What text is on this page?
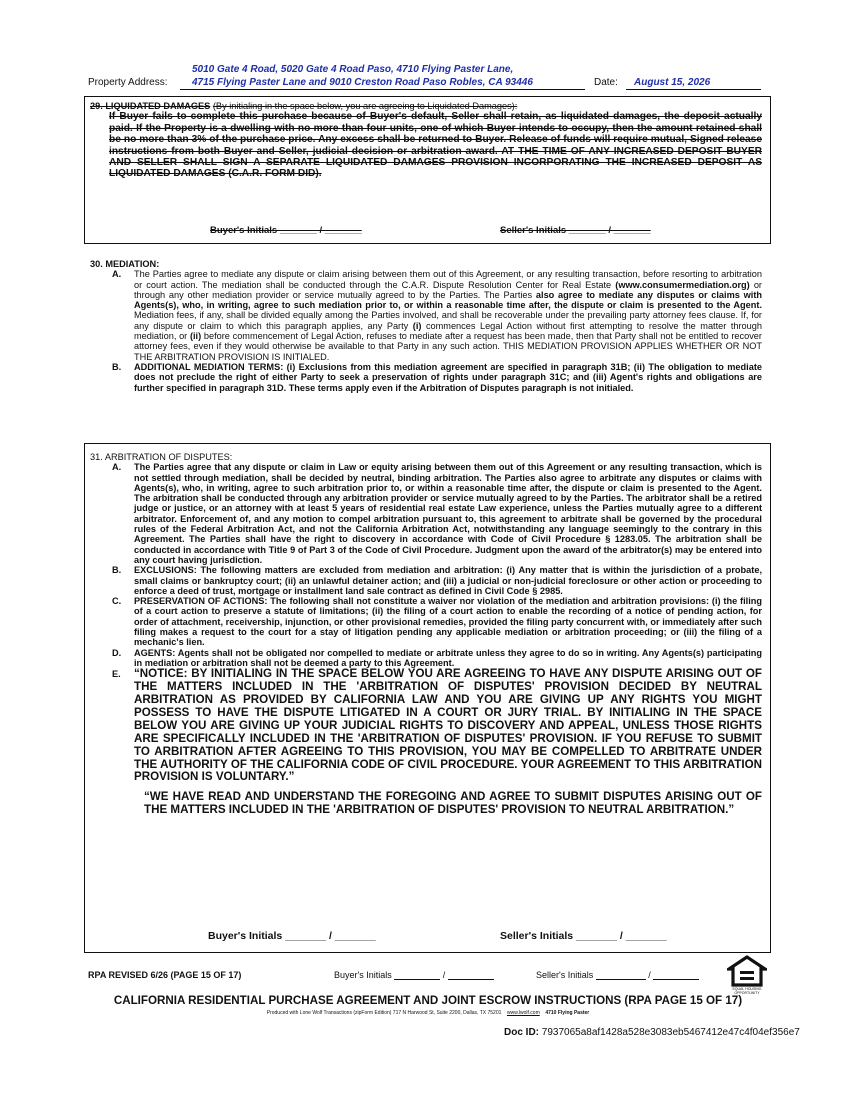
Property Address:
5010 Gate 4 Road, 5020 Gate 4 Road Paso, 4710 Flying Paster Lane,
4715 Flying Paster Lane and 9010 Creston Road Paso Robles, CA 93446	Date:	August 15, 2026
29. LIQUIDATED DAMAGES (By initialing in the space below, you are agreeing to Liquidated Damages):
If Buyer fails to complete this purchase because of Buyer's default, Seller shall retain, as liquidated damages, the deposit actually paid. If the Property is a dwelling with no more than four units, one of which Buyer intends to occupy, then the amount retained shall be no more than 3% of the purchase price. Any excess shall be returned to Buyer. Release of funds will require mutual, Signed release instructions from both Buyer and Seller, judicial decision or arbitration award. AT THE TIME OF ANY INCREASED DEPOSIT BUYER AND SELLER SHALL SIGN A SEPARATE LIQUIDATED DAMAGES PROVISION INCORPORATING THE INCREASED DEPOSIT AS LIQUIDATED DAMAGES (C.A.R. FORM DID).
Buyer's Initials _______ / _______	Seller's Initials _______ / _______
30. MEDIATION:
A. The Parties agree to mediate any dispute or claim arising between them out of this Agreement, or any resulting transaction, before resorting to arbitration or court action. The mediation shall be conducted through the C.A.R. Dispute Resolution Center for Real Estate (www.consumermediation.org) or through any other mediation provider or service mutually agreed to by the Parties. The Parties also agree to mediate any disputes or claims with Agents(s), who, in writing, agree to such mediation prior to, or within a reasonable time after, the dispute or claim is presented to the Agent. Mediation fees, if any, shall be divided equally among the Parties involved, and shall be recoverable under the prevailing party attorney fees clause. If, for any dispute or claim to which this paragraph applies, any Party (i) commences Legal Action without first attempting to resolve the matter through mediation, or (ii) before commencement of Legal Action, refuses to mediate after a request has been made, then that Party shall not be entitled to recover attorney fees, even if they would otherwise be available to that Party in any such action. THIS MEDIATION PROVISION APPLIES WHETHER OR NOT THE ARBITRATION PROVISION IS INITIALED.
B. ADDITIONAL MEDIATION TERMS: (i) Exclusions from this mediation agreement are specified in paragraph 31B; (ii) The obligation to mediate does not preclude the right of either Party to seek a preservation of rights under paragraph 31C; and (iii) Agent's rights and obligations are further specified in paragraph 31D. These terms apply even if the Arbitration of Disputes paragraph is not initialed.
31. ARBITRATION OF DISPUTES:
A. The Parties agree that any dispute or claim in Law or equity arising between them out of this Agreement or any resulting transaction, which is not settled through mediation, shall be decided by neutral, binding arbitration. The Parties also agree to arbitrate any disputes or claims with Agents(s), who, in writing, agree to such arbitration prior to, or within a reasonable time after, the dispute or claim is presented to the Agent. The arbitration shall be conducted through any arbitration provider or service mutually agreed to by the Parties. The arbitrator shall be a retired judge or justice, or an attorney with at least 5 years of residential real estate Law experience, unless the Parties mutually agree to a different arbitrator. Enforcement of, and any motion to compel arbitration pursuant to, this agreement to arbitrate shall be governed by the procedural rules of the Federal Arbitration Act, and not the California Arbitration Act, notwithstanding any language seemingly to the contrary in this Agreement. The Parties shall have the right to discovery in accordance with Code of Civil Procedure § 1283.05. The arbitration shall be conducted in accordance with Title 9 of Part 3 of the Code of Civil Procedure. Judgment upon the award of the arbitrator(s) may be entered into any court having jurisdiction.
B. EXCLUSIONS: The following matters are excluded from mediation and arbitration: (i) Any matter that is within the jurisdiction of a probate, small claims or bankruptcy court; (ii) an unlawful detainer action; and (iii) a judicial or non-judicial foreclosure or other action or proceeding to enforce a deed of trust, mortgage or installment land sale contract as defined in Civil Code § 2985.
C. PRESERVATION OF ACTIONS: The following shall not constitute a waiver nor violation of the mediation and arbitration provisions: (i) the filing of a court action to preserve a statute of limitations; (ii) the filing of a court action to enable the recording of a notice of pending action, for order of attachment, receivership, injunction, or other provisional remedies, provided the filing party concurrent with, or immediately after such filing makes a request to the court for a stay of litigation pending any applicable mediation or arbitration proceeding; or (iii) the filing of a mechanic's lien.
D. AGENTS: Agents shall not be obligated nor compelled to mediate or arbitrate unless they agree to do so in writing. Any Agents(s) participating in mediation or arbitration shall not be deemed a party to this Agreement.
E. “NOTICE: BY INITIALING IN THE SPACE BELOW YOU ARE AGREEING TO HAVE ANY DISPUTE ARISING OUT OF THE MATTERS INCLUDED IN THE 'ARBITRATION OF DISPUTES' PROVISION DECIDED BY NEUTRAL ARBITRATION AS PROVIDED BY CALIFORNIA LAW AND YOU ARE GIVING UP ANY RIGHTS YOU MIGHT POSSESS TO HAVE THE DISPUTE LITIGATED IN A COURT OR JURY TRIAL. BY INITIALING IN THE SPACE BELOW YOU ARE GIVING UP YOUR JUDICIAL RIGHTS TO DISCOVERY AND APPEAL, UNLESS THOSE RIGHTS ARE SPECIFICALLY INCLUDED IN THE 'ARBITRATION OF DISPUTES' PROVISION. IF YOU REFUSE TO SUBMIT TO ARBITRATION AFTER AGREEING TO THIS PROVISION, YOU MAY BE COMPELLED TO ARBITRATE UNDER THE AUTHORITY OF THE CALIFORNIA CODE OF CIVIL PROCEDURE. YOUR AGREEMENT TO THIS ARBITRATION PROVISION IS VOLUNTARY.”
“WE HAVE READ AND UNDERSTAND THE FOREGOING AND AGREE TO SUBMIT DISPUTES ARISING OUT OF THE MATTERS INCLUDED IN THE 'ARBITRATION OF DISPUTES' PROVISION TO NEUTRAL ARBITRATION.”
Buyer's Initials _______ / _______	Seller's Initials _______ / _______
RPA REVISED 6/26 (PAGE 15 OF 17)	Buyer's Initials	/	Seller's Initials	/
EQUAL HOUSING OPPORTUNITY
CALIFORNIA RESIDENTIAL PURCHASE AGREEMENT AND JOINT ESCROW INSTRUCTIONS (RPA PAGE 15 OF 17)
Produced with Lone Wolf Transactions (zipForm Edition) 717 N Harwood St, Suite 2200, Dallas, TX 75201 www.lwolf.com 4710 Flying Paster
Doc ID: 7937065a8af1428a528e3083eb5467412e47c4f04ef356e7
